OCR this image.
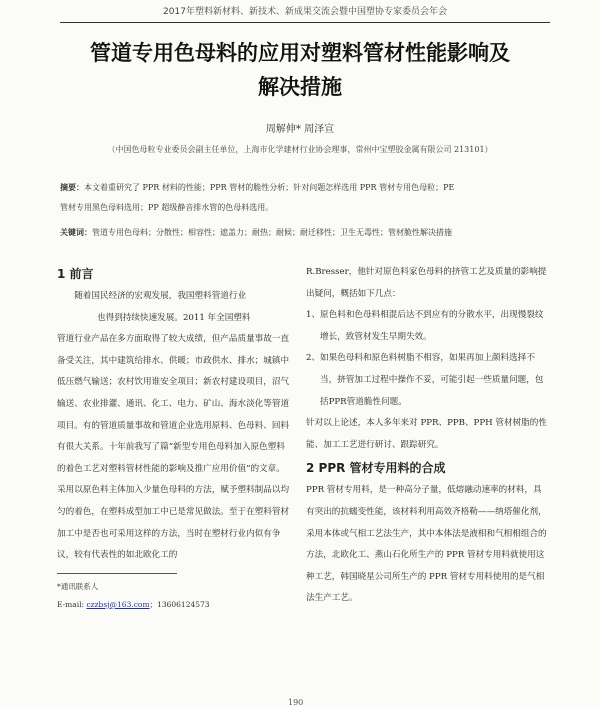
2017年塑料新材料、新技术、新成果交流会暨中国塑协专家委员会年会
管道专用色母料的应用对塑料管材性能影响及
解决措施
周解伸* 周泽宣
（中国色母粒专业委员会副主任单位，上海市化学建材行业协会理事，常州中宝塑胶金属有限公司 213101）
摘要：本文着重研究了 PPR 材料的性能；PPR 管材的脆性分析；针对问题怎样选用 PPR 管材专用色母粒；PE
管材专用黑色母料选用；PP 超级静音排水管的色母料选用。
关键词：管道专用色母料；分散性；相容性；遮盖力；耐热；耐候；耐迁移性；卫生无毒性；管材脆性解决措施
1 前言

随着国民经济的宏观发展，我国塑料管道行业

也得到持续快速发展。2011 年全国塑料

管道行业产品在多方面取得了较大成绩，但产品质量事故一直备受关注，其中建筑给排水、供暖；市政供水、排水；城镇中低压燃气输送；农村饮用谁安全项目；新农村建设项目，沼气输送、农业排灌、通讯、化工、电力、矿山、海水淡化等管道项目。有的管道质量事故和管道企业选用原料、色母料、回料有很大关系。十年前我写了篇“新型专用色母料加入原色塑料的着色工艺对塑料管材性能的影响及推广应用价值”的文章。采用以原色料主体加入少量色母料的方法，赋予塑料制品以均匀的着色，在塑料成型加工中已是常见做法。至于在塑料管材加工中是否也可采用这样的方法，当时在塑材行业内似有争议，较有代表性的如北欧化工的

*通讯联系人
E-mail: czzbsj@163.com；13606124573

R.Bresser，他针对原色料家色母料的挤管工艺及质量的影响提出疑问，概括如下几点：

1、原色料和色母料相混后达不到应有的分散水平，出现慢裂纹增长，致管材发生早期失效。

2、如果色母料和原色料树脂不相容，如果再加上颜料选择不当，挤管加工过程中操作不妥，可能引起一些质量问题，包括PPR管道脆性问题。

针对以上论述，本人多年来对 PPR、PPB、PPH 管材树脂的性能、加工工艺进行研讨、跟踪研究。

2 PPR 管材专用料的合成

PPR 管材专用料，是一种高分子量，低熔融动速率的材料，具有突出的抗蠕变性能，该材料利用高效齐格勒——纳塔催化剂，采用本体或气相工艺法生产，其中本体法是液相和气相相组合的方法，北欧化工、燕山石化所生产的 PPR 管材专用料就使用这种工艺，韩国晓星公司所生产的 PPR 管材专用料使用的是气相法生产工艺。

190
